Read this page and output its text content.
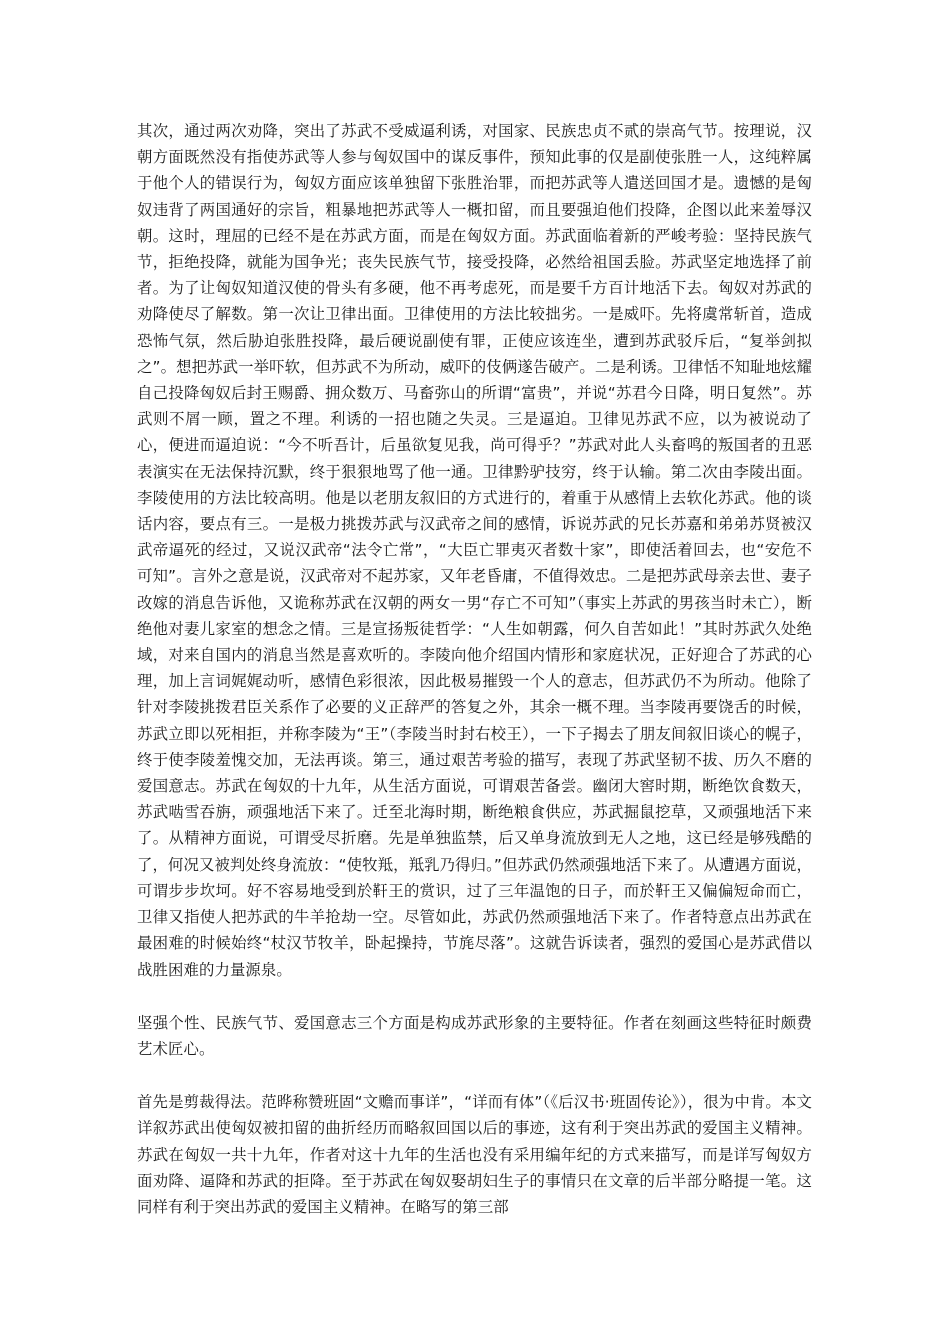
其次，通过两次劝降，突出了苏武不受威逼利诱，对国家、民族忠贞不贰的崇高气节。按理说，汉朝方面既然没有指使苏武等人参与匈奴国中的谋反事件，预知此事的仅是副使张胜一人，这纯粹属于他个人的错误行为，匈奴方面应该单独留下张胜治罪，而把苏武等人遣送回国才是。遗憾的是匈奴违背了两国通好的宗旨，粗暴地把苏武等人一概扣留，而且要强迫他们投降，企图以此来羞辱汉朝。这时，理屈的已经不是在苏武方面，而是在匈奴方面。苏武面临着新的严峻考验：坚持民族气节，拒绝投降，就能为国争光；丧失民族气节，接受投降，必然给祖国丢脸。苏武坚定地选择了前者。为了让匈奴知道汉使的骨头有多硬，他不再考虑死，而是要千方百计地活下去。匈奴对苏武的劝降使尽了解数。第一次让卫律出面。卫律使用的方法比较拙劣。一是威吓。先将虞常斩首，造成恐怖气氛，然后胁迫张胜投降，最后硬说副使有罪，正使应该连坐，遭到苏武驳斥后，“复举剑拟之”。想把苏武一举吓软，但苏武不为所动，威吓的伎俩遂告破产。二是利诱。卫律恬不知耻地炫耀自己投降匈奴后封王赐爵、拥众数万、马畜弥山的所谓“富贵”，并说“苏君今日降，明日复然”。苏武则不屑一顾，置之不理。利诱的一招也随之失灵。三是逼迫。卫律见苏武不应，以为被说动了心，便进而逼迫说：“今不听吾计，后虽欲复见我，尚可得乎？”苏武对此人头畜鸣的叛国者的丑恶表演实在无法保持沉默，终于狠狠地骂了他一通。卫律黔驴技穷，终于认输。第二次由李陵出面。李陵使用的方法比较高明。他是以老朋友叙旧的方式进行的，着重于从感情上去软化苏武。他的谈话内容，要点有三。一是极力挑拨苏武与汉武帝之间的感情，诉说苏武的兄长苏嘉和弟弟苏贤被汉武帝逼死的经过，又说汉武帝“法令亡常”，“大臣亡罪夷灭者数十家”，即使活着回去，也“安危不可知”。言外之意是说，汉武帝对不起苏家，又年老昏庸，不值得效忠。二是把苏武母亲去世、妻子改嫁的消息告诉他，又诡称苏武在汉朝的两女一男“存亡不可知”（事实上苏武的男孩当时未亡），断绝他对妻儿家室的想念之情。三是宣扬叛徒哲学：“人生如朝露，何久自苦如此！”其时苏武久处绝域，对来自国内的消息当然是喜欢听的。李陵向他介绍国内情形和家庭状况，正好迎合了苏武的心理，加上言词娓娓动听，感情色彩很浓，因此极易摧毁一个人的意志，但苏武仍不为所动。他除了针对李陵挑拨君臣关系作了必要的义正辞严的答复之外，其余一概不理。当李陵再要饶舌的时候，苏武立即以死相拒，并称李陵为“王”（李陵当时封右校王），一下子揭去了朋友间叙旧谈心的幌子，终于使李陵羞愧交加，无法再谈。第三，通过艰苦考验的描写，表现了苏武坚韧不拔、历久不磨的爱国意志。苏武在匈奴的十九年，从生活方面说，可谓艰苦备尝。幽闭大窖时期，断绝饮食数天，苏武啮雪吞旃，顽强地活下来了。迁至北海时期，断绝粮食供应，苏武掘鼠挖草，又顽强地活下来了。从精神方面说，可谓受尽折磨。先是单独监禁，后又单身流放到无人之地，这已经是够残酷的了，何况又被判处终身流放：“使牧羝，羝乳乃得归。”但苏武仍然顽强地活下来了。从遭遇方面说，可谓步步坎坷。好不容易地受到於靬王的赏识，过了三年温饱的日子，而於靬王又偏偏短命而亡，卫律又指使人把苏武的牛羊抢劫一空。尽管如此，苏武仍然顽强地活下来了。作者特意点出苏武在最困难的时候始终“杖汉节牧羊，卧起操持，节旄尽落”。这就告诉读者，强烈的爱国心是苏武借以战胜困难的力量源泉。

坚强个性、民族气节、爱国意志三个方面是构成苏武形象的主要特征。作者在刻画这些特征时颇费艺术匠心。

首先是剪裁得法。范晔称赞班固“文赡而事详”，“详而有体”（《后汉书·班固传论》），很为中肯。本文详叙苏武出使匈奴被扣留的曲折经历而略叙回国以后的事迹，这有利于突出苏武的爱国主义精神。苏武在匈奴一共十九年，作者对这十九年的生活也没有采用编年纪的方式来描写，而是详写匈奴方面劝降、逼降和苏武的拒降。至于苏武在匈奴娶胡妇生子的事情只在文章的后半部分略提一笔。这同样有利于突出苏武的爱国主义精神。在略写的第三部
